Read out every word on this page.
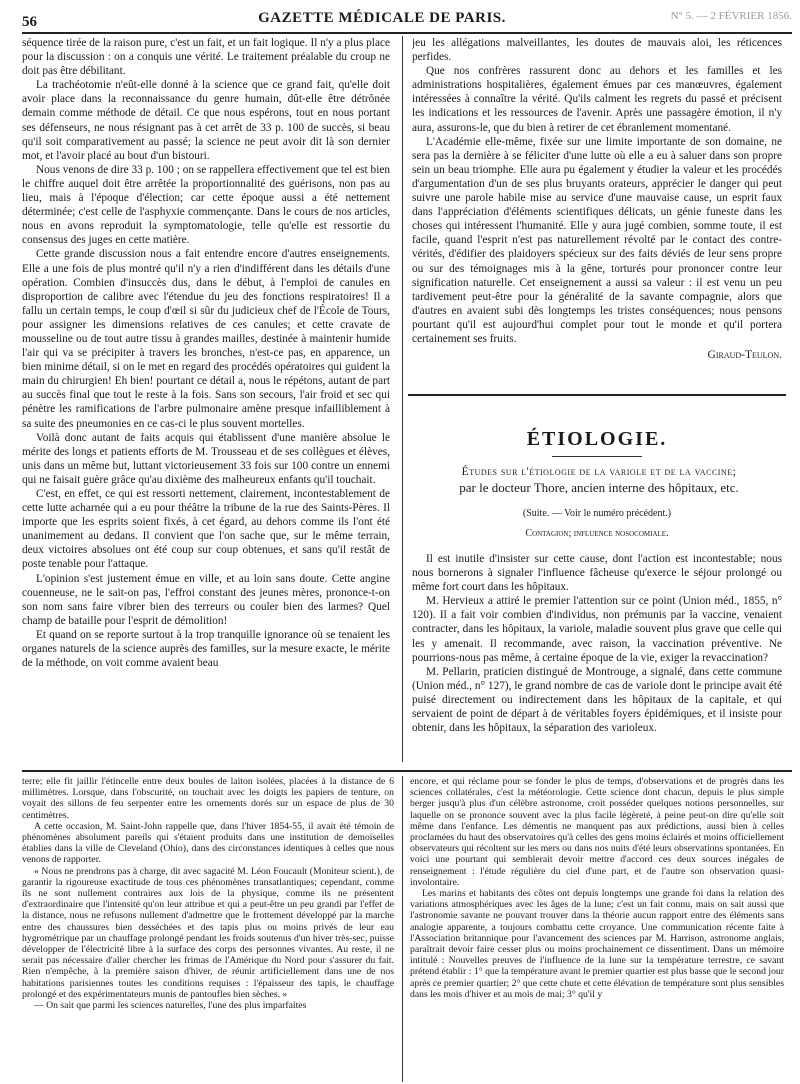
56	GAZETTE MÉDICALE DE PARIS.	N° 5. — 2 FÉVRIER 1856.

séquence tirée de la raison pure, c'est un fait, et un fait logique. Il n'y a plus place pour la discussion : on a conquis une vérité. Le traitement préalable du croup ne doit pas être débilitant.

La trachéotomie n'eût-elle donné à la science que ce grand fait, qu'elle doit avoir place dans la reconnaissance du genre humain, dût-elle être détrônée demain comme méthode de détail. Ce que nous espérons, tout en nous portant ses défenseurs, ne nous résignant pas à cet arrêt de 33 p. 100 de succès, si beau qu'il soit comparativement au passé; la science ne peut avoir dit là son dernier mot, et l'avoir placé au bout d'un bistouri.

Nous venons de dire 33 p. 100 ; on se rappellera effectivement que tel est bien le chiffre auquel doit être arrêtée la proportionnalité des guérisons, non pas au lieu, mais à l'époque d'élection; car cette époque aussi a été nettement déterminée; c'est celle de l'asphyxie commençante. Dans le cours de nos articles, nous en avons reproduit la symptomatologie, telle qu'elle est ressortie du consensus des juges en cette matière.

Cette grande discussion nous a fait entendre encore d'autres enseignements. Elle a une fois de plus montré qu'il n'y a rien d'indifférent dans les détails d'une opération. Combien d'insuccès dus, dans le début, à l'emploi de canules en disproportion de calibre avec l'étendue du jeu des fonctions respiratoires! Il a fallu un certain temps, le coup d'œil si sûr du judicieux chef de l'École de Tours, pour assigner les dimensions relatives de ces canules; et cette cravate de mousseline ou de tout autre tissu à grandes mailles, destinée à maintenir humide l'air qui va se précipiter à travers les bronches, n'est-ce pas, en apparence, un bien minime détail, si on le met en regard des procédés opératoires qui guident la main du chirurgien! Eh bien! pourtant ce détail a, nous le répétons, autant de part au succès final que tout le reste à la fois. Sans son secours, l'air froid et sec qui pénètre les ramifications de l'arbre pulmonaire amène presque infailliblement à sa suite des pneumonies en ce cas-ci le plus souvent mortelles.

Voilà donc autant de faits acquis qui établissent d'une manière absolue le mérite des longs et patients efforts de M. Trousseau et de ses collègues et élèves, unis dans un même but, luttant victorieusement 33 fois sur 100 contre un ennemi qui ne faisait guère grâce qu'au dixième des malheureux enfants qu'il touchait.

C'est, en effet, ce qui est ressorti nettement, clairement, incontestablement de cette lutte acharnée qui a eu pour théâtre la tribune de la rue des Saints-Pères. Il importe que les esprits soient fixés, à cet égard, au dehors comme ils l'ont été unanimement au dedans. Il convient que l'on sache que, sur le même terrain, deux victoires absolues ont été coup sur coup obtenues, et sans qu'il restât de poste tenable pour l'attaque.

L'opinion s'est justement émue en ville, et au loin sans doute. Cette angine couenneuse, ne le sait-on pas, l'effroi constant des jeunes mères, prononce-t-on son nom sans faire vibrer bien des terreurs ou couler bien des larmes? Quel champ de bataille pour l'esprit de démolition!

Et quand on se reporte surtout à la trop tranquille ignorance où se tenaient les organes naturels de la science auprès des familles, sur la mesure exacte, le mérite de la méthode, on voit comme avaient beau

jeu les allégations malveillantes, les doutes de mauvais aloi, les réticences perfides.

Que nos confrères rassurent donc au dehors et les familles et les administrations hospitalières, également émues par ces manœuvres, également intéressées à connaître la vérité. Qu'ils calment les regrets du passé et précisent les indications et les ressources de l'avenir. Après une passagère émotion, il n'y aura, assurons-le, que du bien à retirer de cet ébranlement momentané.

L'Académie elle-même, fixée sur une limite importante de son domaine, ne sera pas la dernière à se féliciter d'une lutte où elle a eu à saluer dans son propre sein un beau triomphe. Elle aura pu également y étudier la valeur et les procédés d'argumentation d'un de ses plus bruyants orateurs, apprécier le danger qui peut suivre une parole habile mise au service d'une mauvaise cause, un esprit faux dans l'appréciation d'éléments scientifiques délicats, un génie funeste dans les choses qui intéressent l'humanité. Elle y aura jugé combien, somme toute, il est facile, quand l'esprit n'est pas naturellement révolté par le contact des contre-vérités, d'édifier des plaidoyers spécieux sur des faits déviés de leur sens propre ou sur des témoignages mis à la gêne, torturés pour prononcer contre leur signification naturelle. Cet enseignement a aussi sa valeur : il est venu un peu tardivement peut-être pour la généralité de la savante compagnie, alors que d'autres en avaient subi dès longtemps les tristes conséquences; nous pensons pourtant qu'il est aujourd'hui complet pour tout le monde et qu'il portera certainement ses fruits.

Giraud-Teulon.

ÉTIOLOGIE.
Études sur l'étiologie de la variole et de la vaccine;
par le docteur Thore, ancien interne des hôpitaux, etc.
(Suite. — Voir le numéro précédent.)
Contagion; influence nosocomiale.

Il est inutile d'insister sur cette cause, dont l'action est incontestable; nous nous bornerons à signaler l'influence fâcheuse qu'exerce le séjour prolongé ou même fort court dans les hôpitaux.

M. Hervieux a attiré le premier l'attention sur ce point (Union méd., 1855, n° 120). Il a fait voir combien d'individus, non prémunis par la vaccine, venaient contracter, dans les hôpitaux, la variole, maladie souvent plus grave que celle qui les y amenait. Il recommande, avec raison, la vaccination préventive. Ne pourrions-nous pas même, à certaine époque de la vie, exiger la revaccination?

M. Pellarin, praticien distingué de Montrouge, a signalé, dans cette commune (Union méd., n° 127), le grand nombre de cas de variole dont le principe avait été puisé directement ou indirectement dans les hôpitaux de la capitale, et qui servaient de point de départ à de véritables foyers épidémiques, et il insiste pour obtenir, dans les hôpitaux, la séparation des varioleux.

terre; elle fit jaillir l'étincelle entre deux boules de laiton isolées, placées à la distance de 6 millimètres. Lorsque, dans l'obscurité, on touchait avec les doigts les papiers de tenture, on voyait des sillons de feu serpenter entre les ornements dorés sur un espace de plus de 30 centimètres.

A cette occasion, M. Saint-John rappelle que, dans l'hiver 1854-55, il avait été témoin de phénomènes absolument pareils qui s'étaient produits dans une institution de demoiselles établies dans la ville de Cleveland (Ohio), dans des circonstances identiques à celles que nous venons de rapporter.

« Nous ne prendrons pas à charge, dit avec sagacité M. Léon Foucault (Moniteur scient.), de garantir la rigoureuse exactitude de tous ces phénomènes transatlantiques; cependant, comme ils ne sont nullement contraires aux lois de la physique, comme ils ne présentent d'extraordinaire que l'intensité qu'on leur attribue et qui a peut-être un peu grandi par l'effet de la distance, nous ne refusons nullement d'admettre que le frottement développé par la marche entre des chaussures bien desséchées et des tapis plus ou moins privés de leur eau hygrométrique par un chauffage prolongé pendant les froids soutenus d'un hiver très-sec, puisse développer de l'électricité libre à la surface des corps des personnes vivantes. Au reste, il ne serait pas nécessaire d'aller chercher les frimas de l'Amérique du Nord pour s'assurer du fait. Rien n'empêche, à la première saison d'hiver, de réunir artificiellement dans une de nos habitations parisiennes toutes les conditions requises : l'épaisseur des tapis, le chauffage prolongé et des expérimentateurs munis de pantoufles bien sèches. »

— On sait que parmi les sciences naturelles, l'une des plus imparfaites

encore, et qui réclame pour se fonder le plus de temps, d'observations et de progrès dans les sciences collatérales, c'est la météorologie. Cette science dont chacun, depuis le plus simple berger jusqu'à plus d'un célèbre astronome, croit posséder quelques notions personnelles, sur laquelle on se prononce souvent avec la plus facile légèreté, à peine peut-on dire qu'elle soit même dans l'enfance. Les démentis ne manquent pas aux prédictions, aussi bien à celles proclamées du haut des observatoires qu'à celles des gens moins éclairés et moins officiellement observateurs qui récoltent sur les mers ou dans nos nuits d'été leurs observations spontanées. En voici une pourtant qui semblerait devoir mettre d'accord ces deux sources inégales de renseignement : l'étude régulière du ciel d'une part, et de l'autre son observation quasi-involontaire.

Les marins et habitants des côtes ont depuis longtemps une grande foi dans la relation des variations atmosphériques avec les âges de la lune; c'est un fait connu, mais on sait aussi que l'astronomie savante ne pouvant trouver dans la théorie aucun rapport entre des éléments sans analogie apparente, a toujours combattu cette croyance. Une communication récente faite à l'Association britannique pour l'avancement des sciences par M. Harrison, astronome anglais, paraîtrait devoir faire cesser plus ou moins prochainement ce dissentiment. Dans un mémoire intitulé : Nouvelles preuves de l'influence de la lune sur la température terrestre, ce savant prétend établir : 1° que la température avant le premier quartier est plus basse que le second jour après ce premier quartier; 2° que cette chute et cette élévation de température sont plus sensibles dans les mois d'hiver et au mois de mai; 3° qu'il y
